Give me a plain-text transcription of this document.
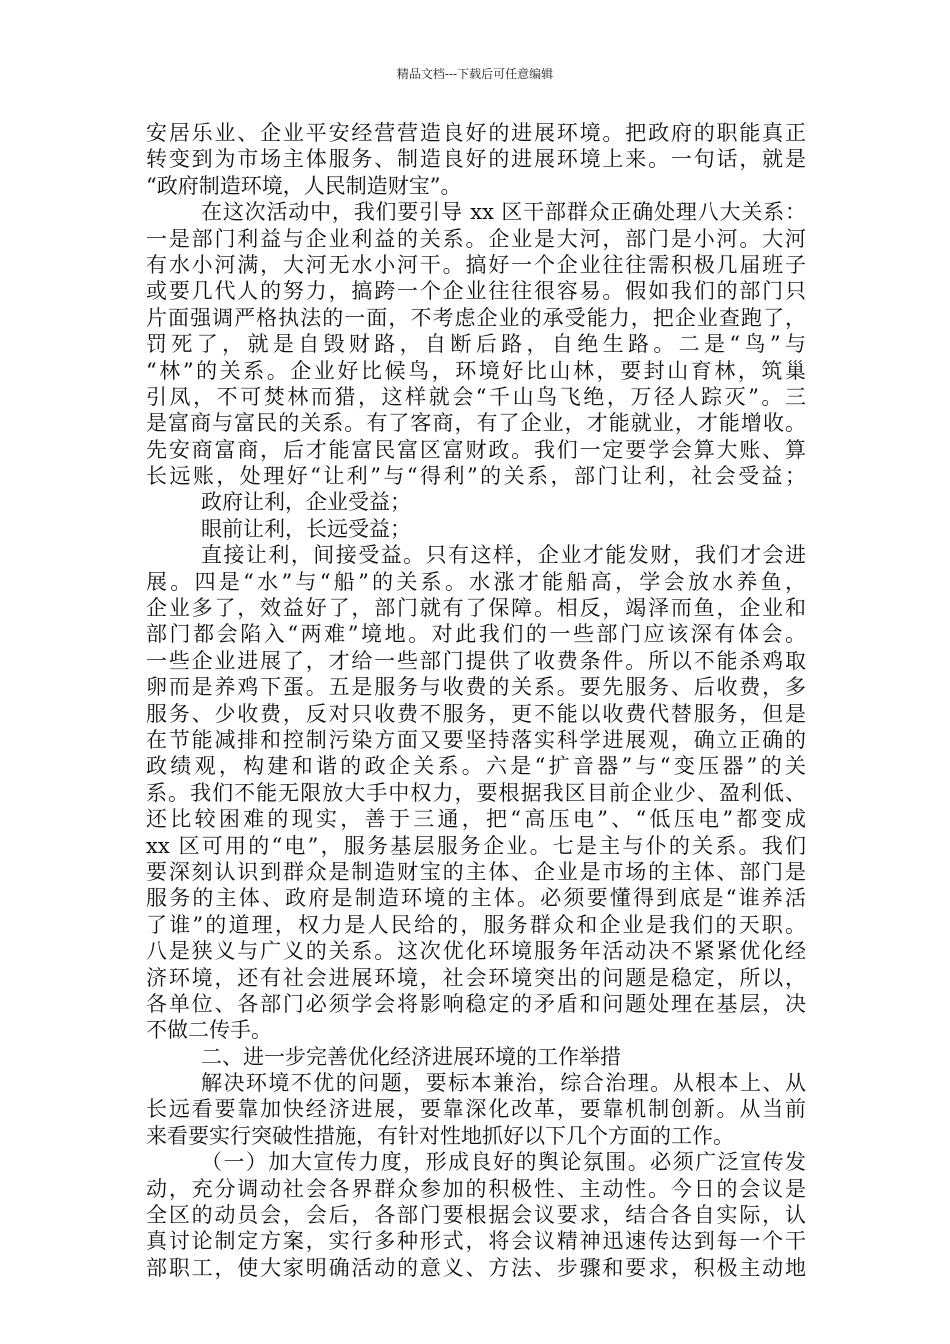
精品文档---下载后可任意编辑
安居乐业、企业平安经营营造良好的进展环境。把政府的职能真正
转变到为市场主体服务、制造良好的进展环境上来。一句话，就是
“政府制造环境，人民制造财宝”。
在这次活动中，我们要引导 xx 区干部群众正确处理八大关系：
一是部门利益与企业利益的关系。企业是大河，部门是小河。大河
有水小河满，大河无水小河干。搞好一个企业往往需积极几届班子
或要几代人的努力，搞跨一个企业往往很容易。假如我们的部门只
片面强调严格执法的一面，不考虑企业的承受能力，把企业查跑了，
罚死了，就是自毁财路，自断后路，自绝生路。二是“鸟”与
“林”的关系。企业好比候鸟，环境好比山林，要封山育林，筑巢
引凤，不可焚林而猎，这样就会“千山鸟飞绝，万径人踪灭”。三
是富商与富民的关系。有了客商，有了企业，才能就业，才能增收。
先安商富商，后才能富民富区富财政。我们一定要学会算大账、算
长远账，处理好“让利”与“得利”的关系，部门让利，社会受益；
政府让利，企业受益；
眼前让利，长远受益；
直接让利，间接受益。只有这样，企业才能发财，我们才会进
展。四是“水”与“船”的关系。水涨才能船高，学会放水养鱼，
企业多了，效益好了，部门就有了保障。相反，竭泽而鱼，企业和
部门都会陷入“两难”境地。对此我们的一些部门应该深有体会。
一些企业进展了，才给一些部门提供了收费条件。所以不能杀鸡取
卵而是养鸡下蛋。五是服务与收费的关系。要先服务、后收费，多
服务、少收费，反对只收费不服务，更不能以收费代替服务，但是
在节能减排和控制污染方面又要坚持落实科学进展观，确立正确的
政绩观，构建和谐的政企关系。六是“扩音器”与“变压器”的关
系。我们不能无限放大手中权力，要根据我区目前企业少、盈利低、
还比较困难的现实，善于三通，把“高压电”、“低压电”都变成
xx 区可用的“电”，服务基层服务企业。七是主与仆的关系。我们
要深刻认识到群众是制造财宝的主体、企业是市场的主体、部门是
服务的主体、政府是制造环境的主体。必须要懂得到底是“谁养活
了谁”的道理，权力是人民给的，服务群众和企业是我们的天职。
八是狭义与广义的关系。这次优化环境服务年活动决不紧紧优化经
济环境，还有社会进展环境，社会环境突出的问题是稳定，所以，
各单位、各部门必须学会将影响稳定的矛盾和问题处理在基层，决
不做二传手。
二、进一步完善优化经济进展环境的工作举措
解决环境不优的问题，要标本兼治，综合治理。从根本上、从
长远看要靠加快经济进展，要靠深化改革，要靠机制创新。从当前
来看要实行突破性措施，有针对性地抓好以下几个方面的工作。
（一）加大宣传力度，形成良好的舆论氛围。必须广泛宣传发
动，充分调动社会各界群众参加的积极性、主动性。今日的会议是
全区的动员会，会后，各部门要根据会议要求，结合各自实际，认
真讨论制定方案，实行多种形式，将会议精神迅速传达到每一个干
部职工，使大家明确活动的意义、方法、步骤和要求，积极主动地
